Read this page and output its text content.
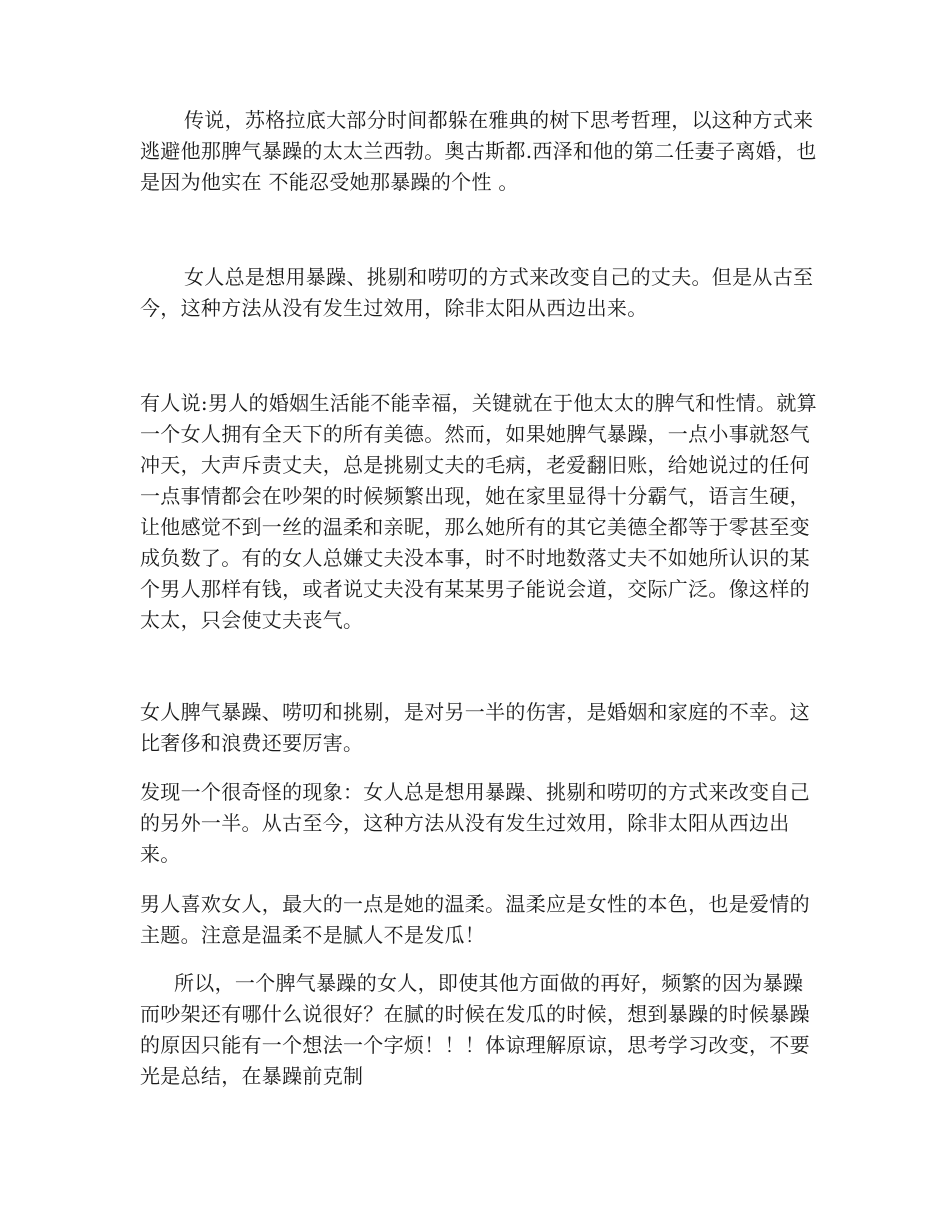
传说，苏格拉底大部分时间都躲在雅典的树下思考哲理，以这种方式来逃避他那脾气暴躁的太太兰西勃。奥古斯都.西泽和他的第二任妻子离婚，也是因为他实在 不能忍受她那暴躁的个性 。

女人总是想用暴躁、挑剔和唠叨的方式来改变自己的丈夫。但是从古至今，这种方法从没有发生过效用，除非太阳从西边出来。

有人说:男人的婚姻生活能不能幸福，关键就在于他太太的脾气和性情。就算一个女人拥有全天下的所有美德。然而，如果她脾气暴躁，一点小事就怒气冲天，大声斥责丈夫，总是挑剔丈夫的毛病，老爱翻旧账，给她说过的任何一点事情都会在吵架的时候频繁出现，她在家里显得十分霸气，语言生硬，让他感觉不到一丝的温柔和亲昵，那么她所有的其它美德全都等于零甚至变成负数了。有的女人总嫌丈夫没本事，时不时地数落丈夫不如她所认识的某个男人那样有钱，或者说丈夫没有某某男子能说会道，交际广泛。像这样的太太，只会使丈夫丧气。

女人脾气暴躁、唠叨和挑剔，是对另一半的伤害，是婚姻和家庭的不幸。这比奢侈和浪费还要厉害。

发现一个很奇怪的现象：女人总是想用暴躁、挑剔和唠叨的方式来改变自己的另外一半。从古至今，这种方法从没有发生过效用，除非太阳从西边出来。

男人喜欢女人，最大的一点是她的温柔。温柔应是女性的本色，也是爱情的主题。注意是温柔不是腻人不是发瓜！

所以，一个脾气暴躁的女人，即使其他方面做的再好，频繁的因为暴躁而吵架还有哪什么说很好？在腻的时候在发瓜的时候，想到暴躁的时候暴躁的原因只能有一个想法一个字烦！！！体谅理解原谅，思考学习改变，不要光是总结，在暴躁前克制
